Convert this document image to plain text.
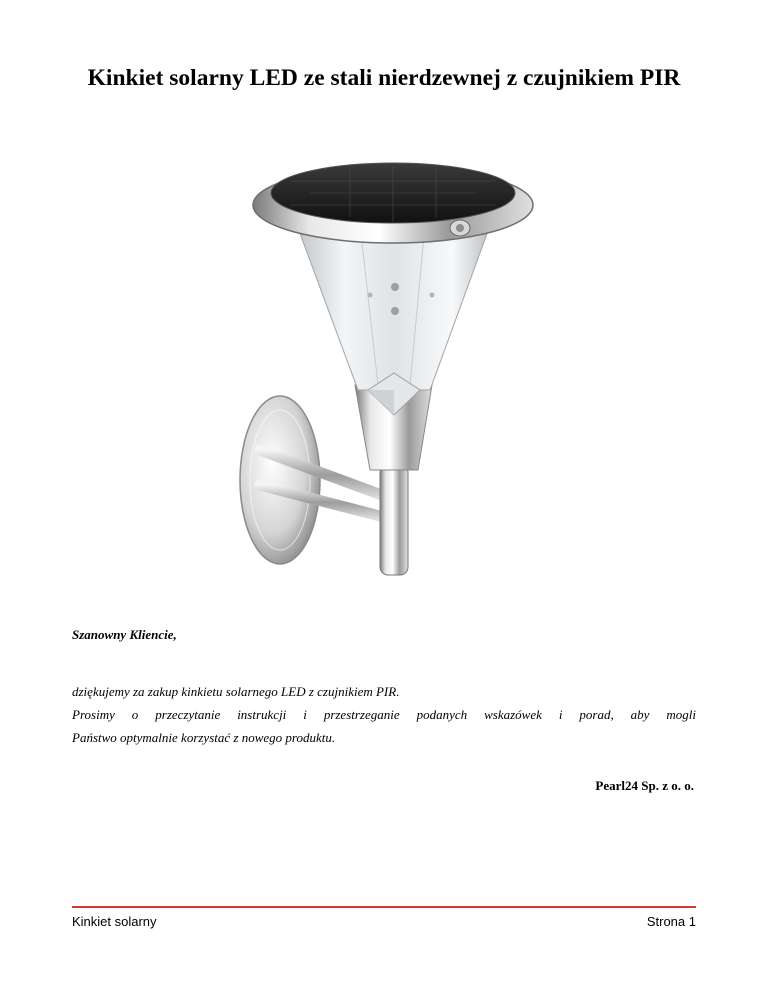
Kinkiet solarny LED ze stali nierdzewnej z czujnikiem PIR

Szanowny Kliencie,

dziękujemy za zakup kinkietu solarnego LED z czujnikiem PIR.

Prosimy o przeczytanie instrukcji i przestrzeganie podanych wskazówek i porad, aby mogli

Państwo optymalnie korzystać z nowego produktu.

Pearl24 Sp. z o. o.

Kinkiet solarny	Strona 1
